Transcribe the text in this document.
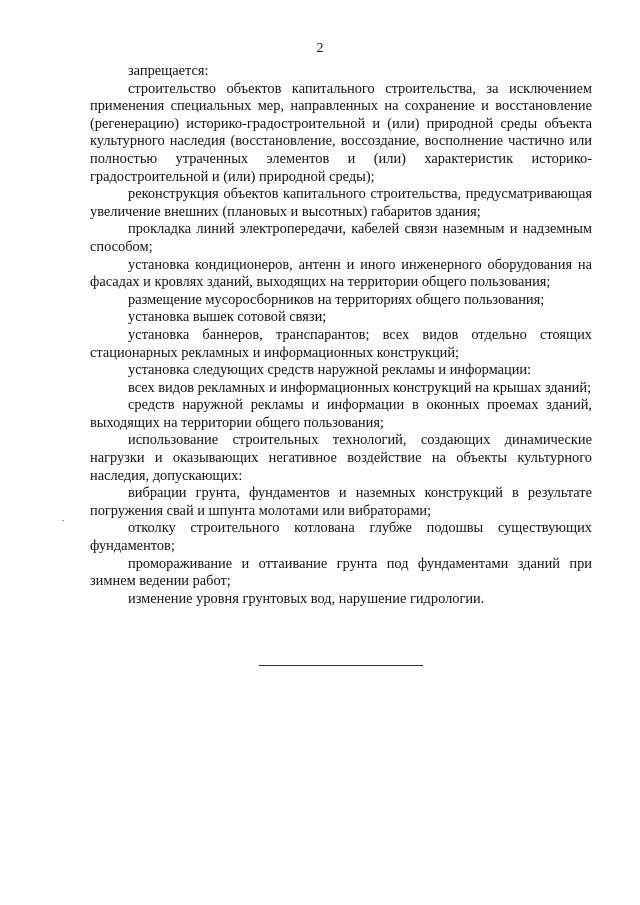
2

запрещается:

строительство объектов капитального строительства, за исключением применения специальных мер, направленных на сохранение и восстановление (регенерацию) историко-градостроительной и (или) природной среды объекта культурного наследия (восстановление, воссоздание, восполнение частично или полностью утраченных элементов и (или) характеристик историко-градостроительной и (или) природной среды);

реконструкция объектов капитального строительства, предусматривающая увеличение внешних (плановых и высотных) габаритов здания;

прокладка линий электропередачи, кабелей связи наземным и надземным способом;

установка кондиционеров, антенн и иного инженерного оборудования на фасадах и кровлях зданий, выходящих на территории общего пользования;

размещение мусоросборников на территориях общего пользования;

установка вышек сотовой связи;

установка баннеров, транспарантов; всех видов отдельно стоящих стационарных рекламных и информационных конструкций;

установка следующих средств наружной рекламы и информации:

всех видов рекламных и информационных конструкций на крышах зданий;

средств наружной рекламы и информации в оконных проемах зданий, выходящих на территории общего пользования;

использование строительных технологий, создающих динамические нагрузки и оказывающих негативное воздействие на объекты культурного наследия, допускающих:

вибрации грунта, фундаментов и наземных конструкций в результате погружения свай и шпунта молотами или вибраторами;

отколку строительного котлована глубже подошвы существующих фундаментов;

промораживание и оттаивание грунта под фундаментами зданий при зимнем ведении работ;

изменение уровня грунтовых вод, нарушение гидрологии.
